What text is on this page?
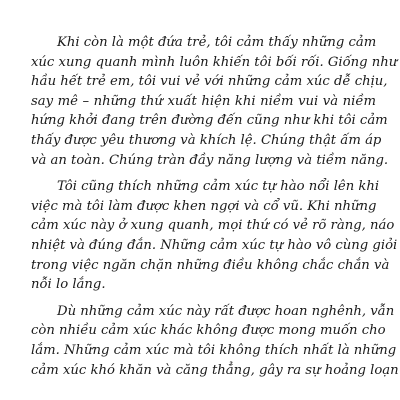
Khi còn là một đứa trẻ, tôi cảm thấy những cảm
xúc xung quanh mình luôn khiến tôi bối rối. Giống như
hầu hết trẻ em, tôi vui vẻ với những cảm xúc dễ chịu,
say mê – những thứ xuất hiện khi niềm vui và niềm
hứng khởi đang trên đường đến cũng như khi tôi cảm
thấy được yêu thương và khích lệ. Chúng thật ấm áp
và an toàn. Chúng tràn đầy năng lượng và tiềm năng.
Tôi cũng thích những cảm xúc tự hào nổi lên khi
việc mà tôi làm được khen ngợi và cổ vũ. Khi những
cảm xúc này ở xung quanh, mọi thứ có vẻ rõ ràng, náo
nhiệt và đúng đắn. Những cảm xúc tự hào vô cùng giỏi
trong việc ngăn chặn những điều không chắc chắn và
nỗi lo lắng.
Dù những cảm xúc này rất được hoan nghênh, vẫn
còn nhiều cảm xúc khác không được mong muốn cho
lắm. Những cảm xúc mà tôi không thích nhất là những
cảm xúc khó khăn và căng thẳng, gây ra sự hoảng loạn
